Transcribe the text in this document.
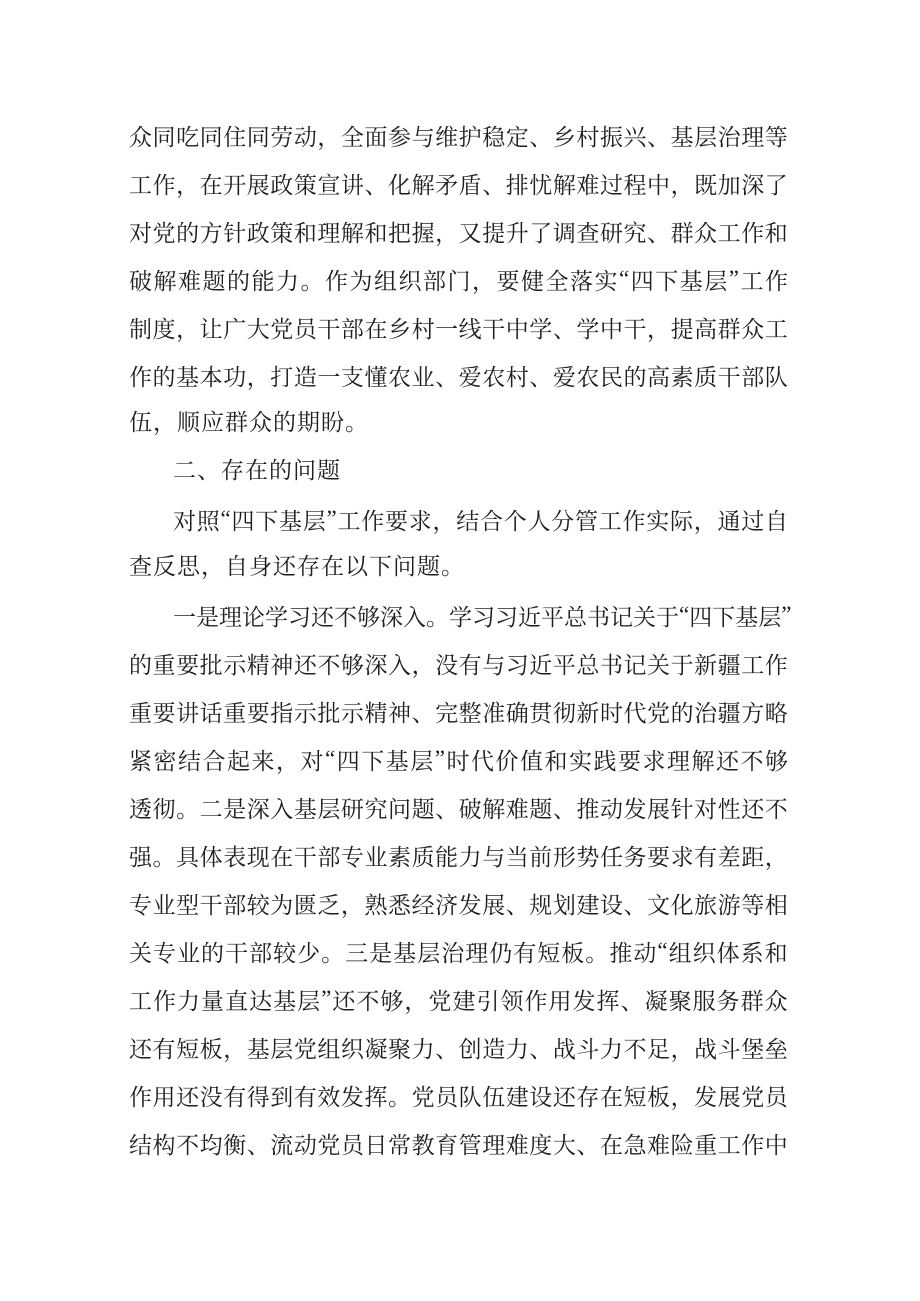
众 同 吃 同 住 同 劳 动 ， 全 面 参 与 维 护 稳 定 、 乡 村 振 兴 、 基 层 治 理 等
工 作 ， 在 开 展 政 策 宣 讲 、 化 解 矛 盾 、 排 忧 解 难 过 程 中 ， 既 加 深 了
对 党 的 方 针 政 策 和 理 解 和 把 握 ， 又 提 升 了 调 查 研 究 、 群 众 工 作 和
破 解 难 题 的 能 力 。 作 为 组 织 部 门 ， 要 健 全 落 实 “ 四 下 基 层 ” 工 作
制 度 ， 让 广 大 党 员 干 部 在 乡 村 一 线 干 中 学 、 学 中 干 ， 提 高 群 众 工
作 的 基 本 功 ， 打 造 一 支 懂 农 业 、 爱 农 村 、 爱 农 民 的 高 素 质 干 部 队
伍，顺应群众的期盼。
二、存在的问题
对 照 “ 四 下 基 层 ” 工 作 要 求 ， 结 合 个 人 分 管 工 作 实 际 ， 通 过 自
查反思，自身还存在以下问题。
一 是 理 论 学 习 还 不 够 深 入 。 学 习 习 近 平 总 书 记 关 于 “ 四 下 基 层 ”
的 重 要 批 示 精 神 还 不 够 深 入 ， 没 有 与 习 近 平 总 书 记 关 于 新 疆 工 作
重 要 讲 话 重 要 指 示 批 示 精 神 、 完 整 准 确 贯 彻 新 时 代 党 的 治 疆 方 略
紧 密 结 合 起 来 ， 对 “ 四 下 基 层 ” 时 代 价 值 和 实 践 要 求 理 解 还 不 够
透 彻 。 二 是 深 入 基 层 研 究 问 题 、 破 解 难 题 、 推 动 发 展 针 对 性 还 不
强 。 具 体 表 现 在 干 部 专 业 素 质 能 力 与 当 前 形 势 任 务 要 求 有 差 距 ，
专 业 型 干 部 较 为 匮 乏 ， 熟 悉 经 济 发 展 、 规 划 建 设 、 文 化 旅 游 等 相
关 专 业 的 干 部 较 少 。 三 是 基 层 治 理 仍 有 短 板 。 推 动 “ 组 织 体 系 和
工 作 力 量 直 达 基 层 ” 还 不 够 ， 党 建 引 领 作 用 发 挥 、 凝 聚 服 务 群 众
还 有 短 板 ， 基 层 党 组 织 凝 聚 力 、 创 造 力 、 战 斗 力 不 足 ， 战 斗 堡 垒
作 用 还 没 有 得 到 有 效 发 挥 。 党 员 队 伍 建 设 还 存 在 短 板 ， 发 展 党 员
结 构 不 均 衡 、 流 动 党 员 日 常 教 育 管 理 难 度 大 、 在 急 难 险 重 工 作 中
